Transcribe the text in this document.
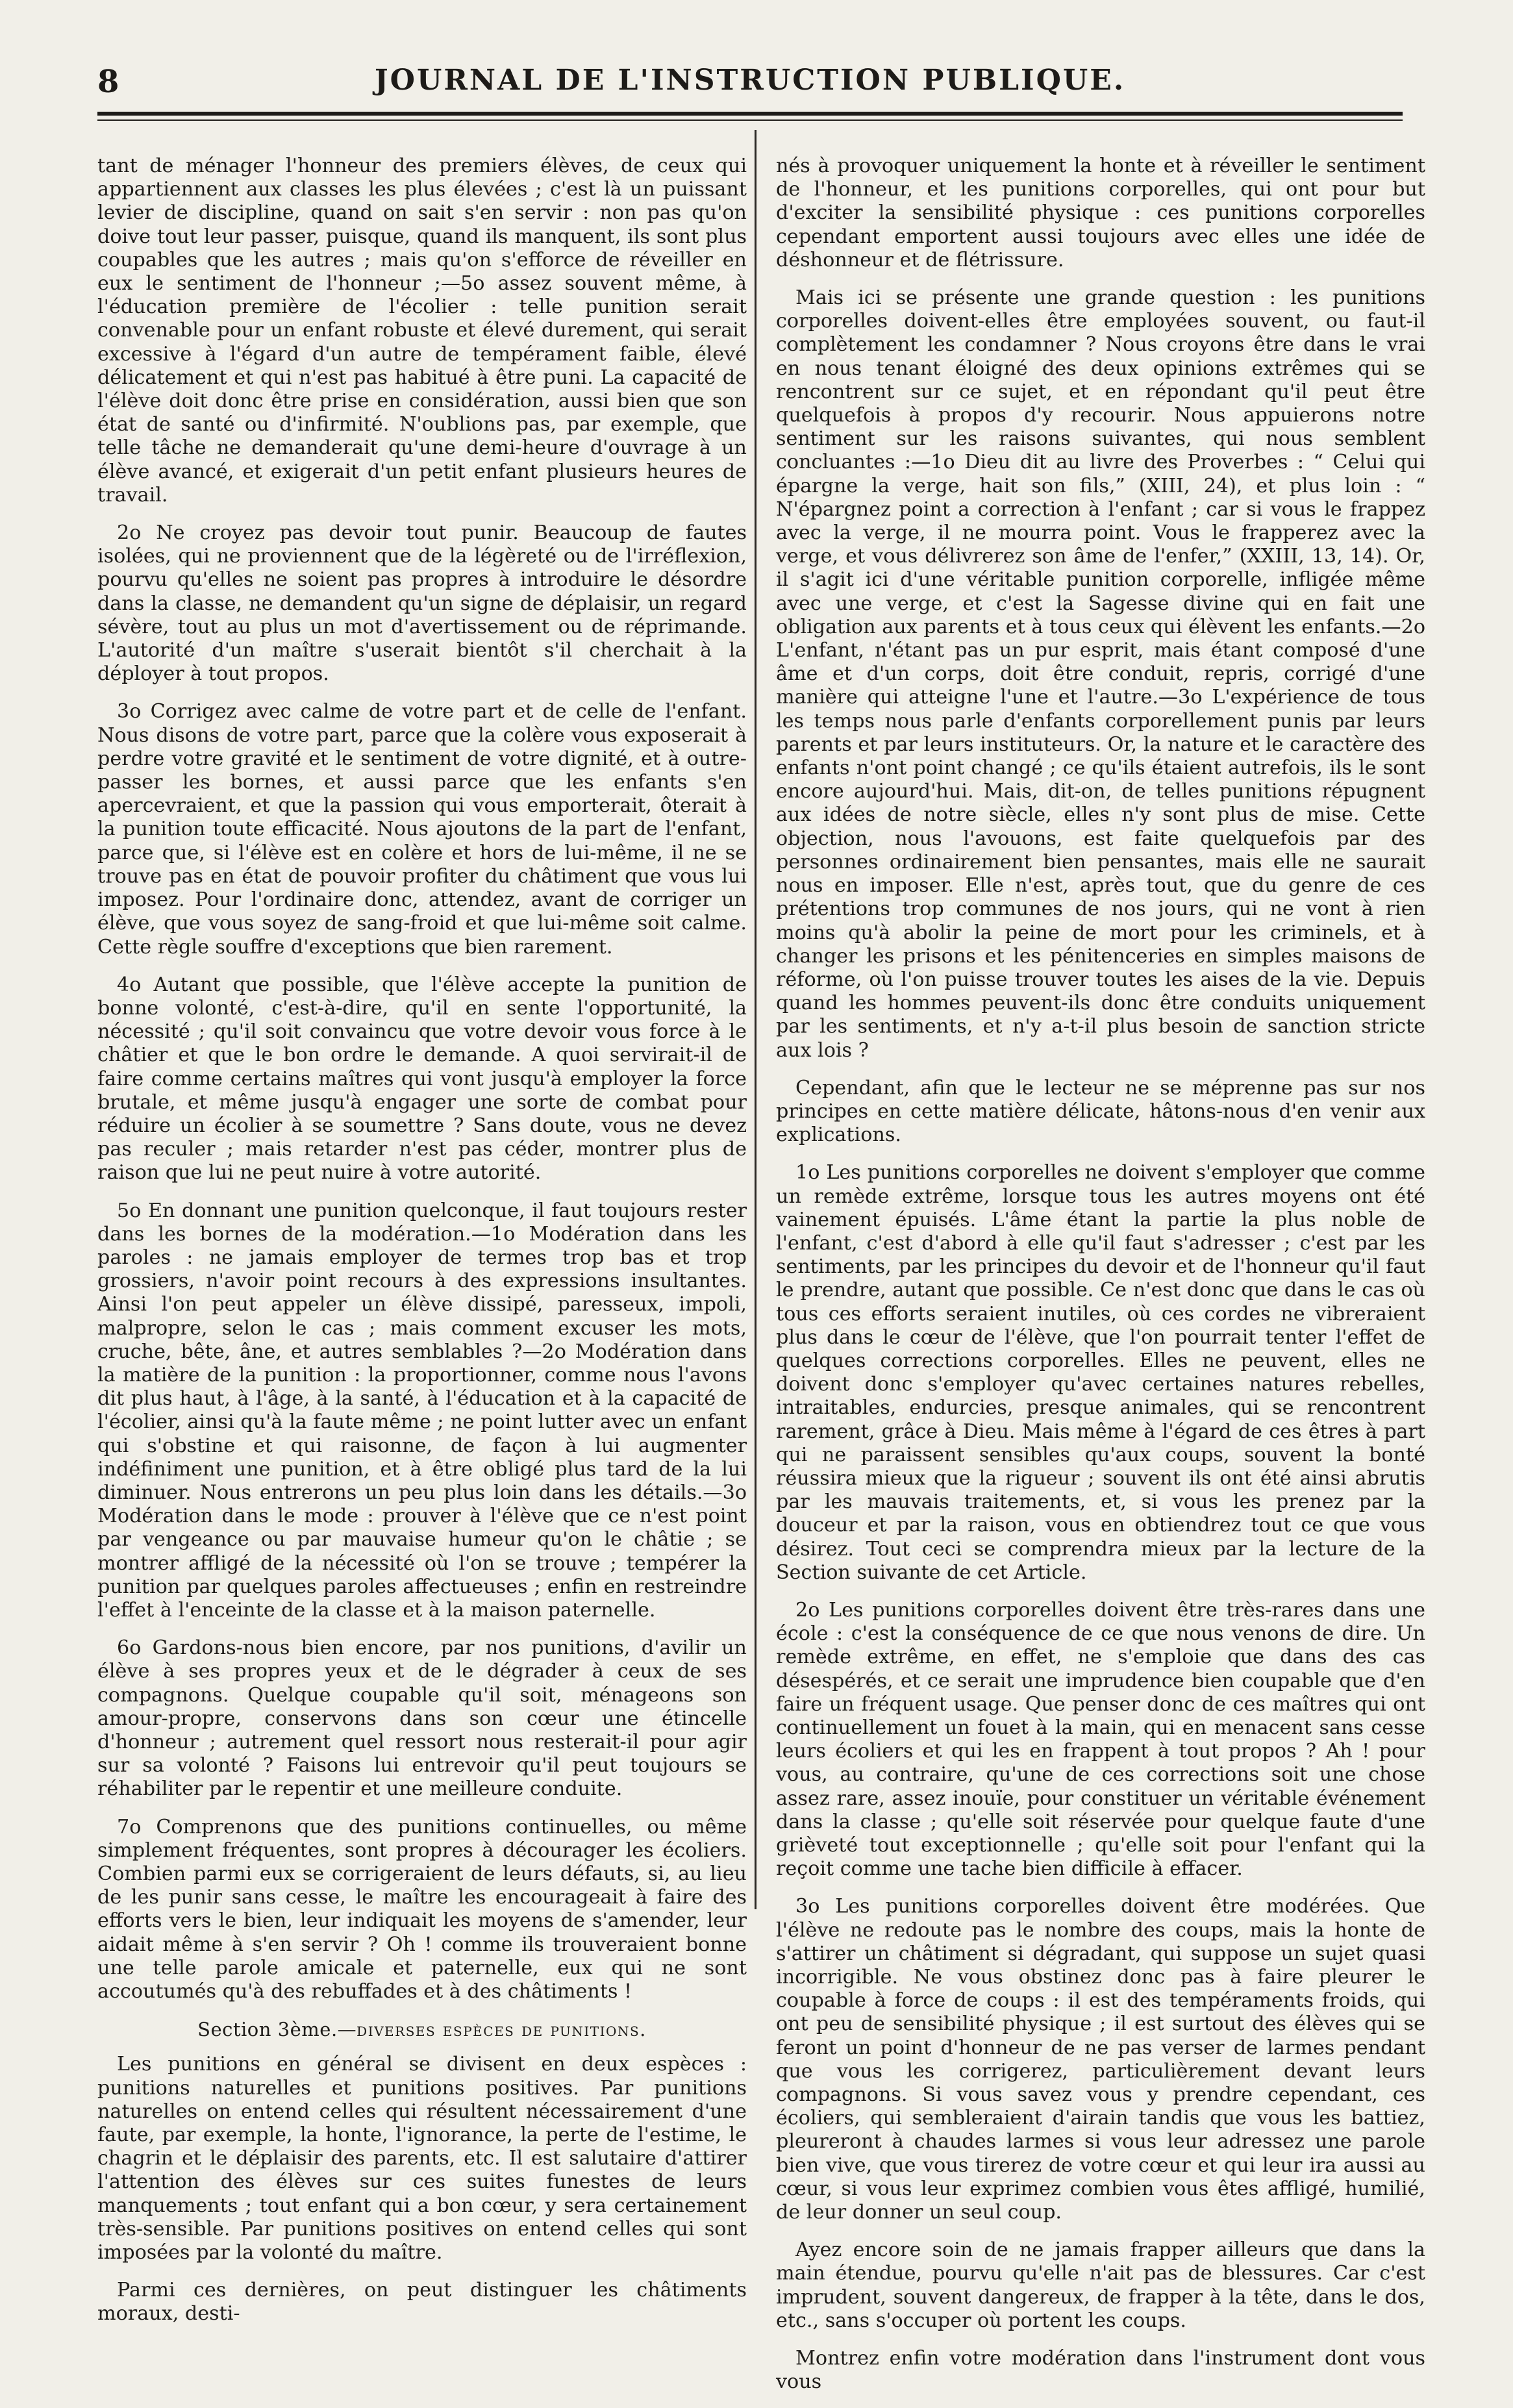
8	JOURNAL DE L'INSTRUCTION PUBLIQUE.

tant de ménager l'honneur des premiers élèves, de ceux qui appartiennent aux classes les plus élevées ; c'est là un puissant levier de discipline, quand on sait s'en servir : non pas qu'on doive tout leur passer, puisque, quand ils manquent, ils sont plus coupables que les autres ; mais qu'on s'efforce de réveiller en eux le sentiment de l'honneur ;—5o assez souvent même, à l'éducation première de l'écolier : telle punition serait convenable pour un enfant robuste et élevé durement, qui serait excessive à l'égard d'un autre de tempérament faible, élevé délicatement et qui n'est pas habitué à être puni. La capacité de l'élève doit donc être prise en considération, aussi bien que son état de santé ou d'infirmité. N'oublions pas, par exemple, que telle tâche ne demanderait qu'une demi-heure d'ouvrage à un élève avancé, et exigerait d'un petit enfant plusieurs heures de travail.

2o Ne croyez pas devoir tout punir. Beaucoup de fautes isolées, qui ne proviennent que de la légèreté ou de l'irréflexion, pourvu qu'elles ne soient pas propres à introduire le désordre dans la classe, ne demandent qu'un signe de déplaisir, un regard sévère, tout au plus un mot d'avertissement ou de réprimande. L'autorité d'un maître s'userait bientôt s'il cherchait à la déployer à tout propos.

3o Corrigez avec calme de votre part et de celle de l'enfant. Nous disons de votre part, parce que la colère vous exposerait à perdre votre gravité et le sentiment de votre dignité, et à outre-passer les bornes, et aussi parce que les enfants s'en apercevraient, et que la passion qui vous emporterait, ôterait à la punition toute efficacité. Nous ajoutons de la part de l'enfant, parce que, si l'élève est en colère et hors de lui-même, il ne se trouve pas en état de pouvoir profiter du châtiment que vous lui imposez. Pour l'ordinaire donc, attendez, avant de corriger un élève, que vous soyez de sang-froid et que lui-même soit calme. Cette règle souffre d'exceptions que bien rarement.

4o Autant que possible, que l'élève accepte la punition de bonne volonté, c'est-à-dire, qu'il en sente l'opportunité, la nécessité ; qu'il soit convaincu que votre devoir vous force à le châtier et que le bon ordre le demande. A quoi servirait-il de faire comme certains maîtres qui vont jusqu'à employer la force brutale, et même jusqu'à engager une sorte de combat pour réduire un écolier à se soumettre ? Sans doute, vous ne devez pas reculer ; mais retarder n'est pas céder, montrer plus de raison que lui ne peut nuire à votre autorité.

5o En donnant une punition quelconque, il faut toujours rester dans les bornes de la modération.—1o Modération dans les paroles : ne jamais employer de termes trop bas et trop grossiers, n'avoir point recours à des expressions insultantes. Ainsi l'on peut appeler un élève dissipé, paresseux, impoli, malpropre, selon le cas ; mais comment excuser les mots, cruche, bête, âne, et autres semblables ?—2o Modération dans la matière de la punition : la proportionner, comme nous l'avons dit plus haut, à l'âge, à la santé, à l'éducation et à la capacité de l'écolier, ainsi qu'à la faute même ; ne point lutter avec un enfant qui s'obstine et qui raisonne, de façon à lui augmenter indéfiniment une punition, et à être obligé plus tard de la lui diminuer. Nous entrerons un peu plus loin dans les détails.—3o Modération dans le mode : prouver à l'élève que ce n'est point par vengeance ou par mauvaise humeur qu'on le châtie ; se montrer affligé de la nécessité où l'on se trouve ; tempérer la punition par quelques paroles affectueuses ; enfin en restreindre l'effet à l'enceinte de la classe et à la maison paternelle.

6o Gardons-nous bien encore, par nos punitions, d'avilir un élève à ses propres yeux et de le dégrader à ceux de ses compagnons. Quelque coupable qu'il soit, ménageons son amour-propre, conservons dans son cœur une étincelle d'honneur ; autrement quel ressort nous resterait-il pour agir sur sa volonté ? Faisons lui entrevoir qu'il peut toujours se réhabiliter par le repentir et une meilleure conduite.

7o Comprenons que des punitions continuelles, ou même simplement fréquentes, sont propres à décourager les écoliers. Combien parmi eux se corrigeraient de leurs défauts, si, au lieu de les punir sans cesse, le maître les encourageait à faire des efforts vers le bien, leur indiquait les moyens de s'amender, leur aidait même à s'en servir ? Oh ! comme ils trouveraient bonne une telle parole amicale et paternelle, eux qui ne sont accoutumés qu'à des rebuffades et à des châtiments !

Section 3ème.—diverses espèces de punitions.

Les punitions en général se divisent en deux espèces : punitions naturelles et punitions positives. Par punitions naturelles on entend celles qui résultent nécessairement d'une faute, par exemple, la honte, l'ignorance, la perte de l'estime, le chagrin et le déplaisir des parents, etc. Il est salutaire d'attirer l'attention des élèves sur ces suites funestes de leurs manquements ; tout enfant qui a bon cœur, y sera certainement très-sensible. Par punitions positives on entend celles qui sont imposées par la volonté du maître.

Parmi ces dernières, on peut distinguer les châtiments moraux, desti-

nés à provoquer uniquement la honte et à réveiller le sentiment de l'honneur, et les punitions corporelles, qui ont pour but d'exciter la sensibilité physique : ces punitions corporelles cependant emportent aussi toujours avec elles une idée de déshonneur et de flétrissure.

Mais ici se présente une grande question : les punitions corporelles doivent-elles être employées souvent, ou faut-il complètement les condamner ? Nous croyons être dans le vrai en nous tenant éloigné des deux opinions extrêmes qui se rencontrent sur ce sujet, et en répondant qu'il peut être quelquefois à propos d'y recourir. Nous appuierons notre sentiment sur les raisons suivantes, qui nous semblent concluantes :—1o Dieu dit au livre des Proverbes : “ Celui qui épargne la verge, hait son fils,” (XIII, 24), et plus loin : “ N'épargnez point a correction à l'enfant ; car si vous le frappez avec la verge, il ne mourra point. Vous le frapperez avec la verge, et vous délivrerez son âme de l'enfer,” (XXIII, 13, 14). Or, il s'agit ici d'une véritable punition corporelle, infligée même avec une verge, et c'est la Sagesse divine qui en fait une obligation aux parents et à tous ceux qui élèvent les enfants.—2o L'enfant, n'étant pas un pur esprit, mais étant composé d'une âme et d'un corps, doit être conduit, repris, corrigé d'une manière qui atteigne l'une et l'autre.—3o L'expérience de tous les temps nous parle d'enfants corporellement punis par leurs parents et par leurs instituteurs. Or, la nature et le caractère des enfants n'ont point changé ; ce qu'ils étaient autrefois, ils le sont encore aujourd'hui. Mais, dit-on, de telles punitions répugnent aux idées de notre siècle, elles n'y sont plus de mise. Cette objection, nous l'avouons, est faite quelquefois par des personnes ordinairement bien pensantes, mais elle ne saurait nous en imposer. Elle n'est, après tout, que du genre de ces prétentions trop communes de nos jours, qui ne vont à rien moins qu'à abolir la peine de mort pour les criminels, et à changer les prisons et les pénitenceries en simples maisons de réforme, où l'on puisse trouver toutes les aises de la vie. Depuis quand les hommes peuvent-ils donc être conduits uniquement par les sentiments, et n'y a-t-il plus besoin de sanction stricte aux lois ?

Cependant, afin que le lecteur ne se méprenne pas sur nos principes en cette matière délicate, hâtons-nous d'en venir aux explications.

1o Les punitions corporelles ne doivent s'employer que comme un remède extrême, lorsque tous les autres moyens ont été vainement épuisés. L'âme étant la partie la plus noble de l'enfant, c'est d'abord à elle qu'il faut s'adresser ; c'est par les sentiments, par les principes du devoir et de l'honneur qu'il faut le prendre, autant que possible. Ce n'est donc que dans le cas où tous ces efforts seraient inutiles, où ces cordes ne vibreraient plus dans le cœur de l'élève, que l'on pourrait tenter l'effet de quelques corrections corporelles. Elles ne peuvent, elles ne doivent donc s'employer qu'avec certaines natures rebelles, intraitables, endurcies, presque animales, qui se rencontrent rarement, grâce à Dieu. Mais même à l'égard de ces êtres à part qui ne paraissent sensibles qu'aux coups, souvent la bonté réussira mieux que la rigueur ; souvent ils ont été ainsi abrutis par les mauvais traitements, et, si vous les prenez par la douceur et par la raison, vous en obtiendrez tout ce que vous désirez. Tout ceci se comprendra mieux par la lecture de la Section suivante de cet Article.

2o Les punitions corporelles doivent être très-rares dans une école : c'est la conséquence de ce que nous venons de dire. Un remède extrême, en effet, ne s'emploie que dans des cas désespérés, et ce serait une imprudence bien coupable que d'en faire un fréquent usage. Que penser donc de ces maîtres qui ont continuellement un fouet à la main, qui en menacent sans cesse leurs écoliers et qui les en frappent à tout propos ? Ah ! pour vous, au contraire, qu'une de ces corrections soit une chose assez rare, assez inouïe, pour constituer un véritable événement dans la classe ; qu'elle soit réservée pour quelque faute d'une grièveté tout exceptionnelle ; qu'elle soit pour l'enfant qui la reçoit comme une tache bien difficile à effacer.

3o Les punitions corporelles doivent être modérées. Que l'élève ne redoute pas le nombre des coups, mais la honte de s'attirer un châtiment si dégradant, qui suppose un sujet quasi incorrigible. Ne vous obstinez donc pas à faire pleurer le coupable à force de coups : il est des tempéraments froids, qui ont peu de sensibilité physique ; il est surtout des élèves qui se feront un point d'honneur de ne pas verser de larmes pendant que vous les corrigerez, particulièrement devant leurs compagnons. Si vous savez vous y prendre cependant, ces écoliers, qui sembleraient d'airain tandis que vous les battiez, pleureront à chaudes larmes si vous leur adressez une parole bien vive, que vous tirerez de votre cœur et qui leur ira aussi au cœur, si vous leur exprimez combien vous êtes affligé, humilié, de leur donner un seul coup.

Ayez encore soin de ne jamais frapper ailleurs que dans la main étendue, pourvu qu'elle n'ait pas de blessures. Car c'est imprudent, souvent dangereux, de frapper à la tête, dans le dos, etc., sans s'occuper où portent les coups.

Montrez enfin votre modération dans l'instrument dont vous vous
